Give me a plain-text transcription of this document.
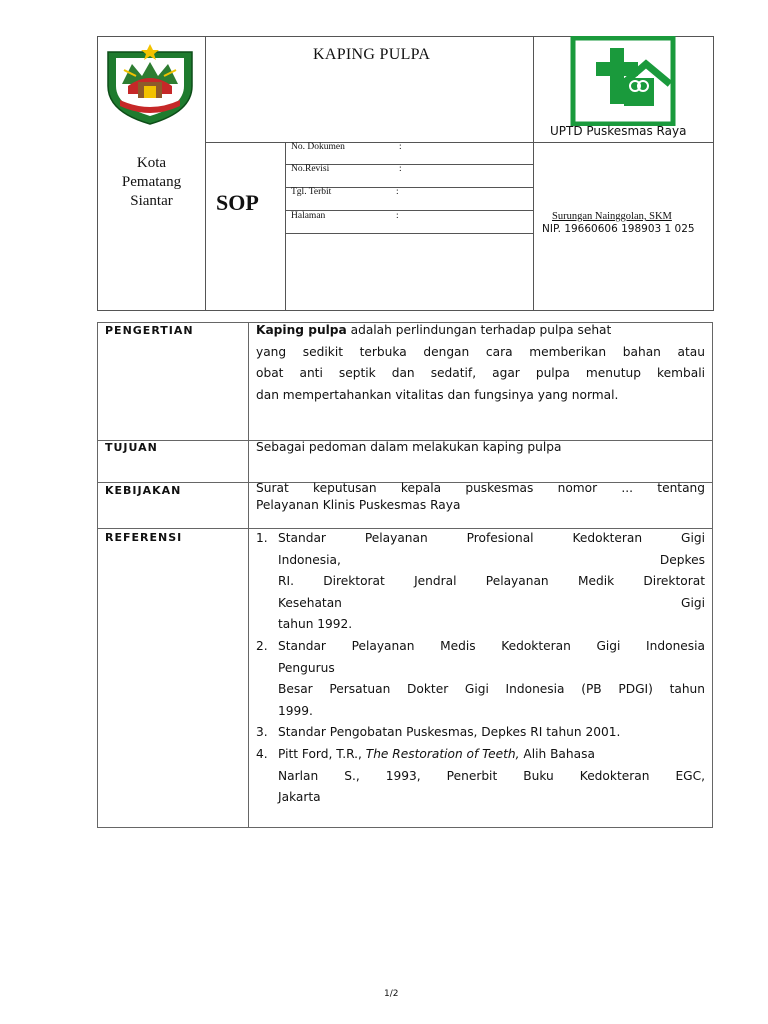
Kota
Pematang
Siantar
KAPING PULPA
SOP
No. Dokumen	:
No.Revisi	:
Tgl. Terbit	:
Halaman	:
UPTD Puskesmas Raya
Surungan Nainggolan, SKM
NIP. 19660606 198903 1 025
PENGERTIAN	Kaping pulpa adalah perlindungan terhadap pulpa sehat
yang sedikit terbuka dengan cara memberikan bahan atau
obat anti septik dan sedatif, agar pulpa menutup kembali
dan mempertahankan vitalitas dan fungsinya yang normal.
TUJUAN	Sebagai pedoman dalam melakukan kaping pulpa
KEBIJAKAN	Surat keputusan kepala puskesmas nomor ... tentang
Pelayanan Klinis Puskesmas Raya
REFERENSI	1. Standar Pelayanan Profesional Kedokteran Gigi
Indonesia, Depkes
RI. Direktorat Jendral Pelayanan Medik Direktorat
Kesehatan Gigi
tahun 1992.
2. Standar Pelayanan Medis Kedokteran Gigi Indonesia
Pengurus
Besar Persatuan Dokter Gigi Indonesia (PB PDGI) tahun
1999.
3. Standar Pengobatan Puskesmas, Depkes RI tahun 2001.
4. Pitt Ford, T.R., The Restoration of Teeth, Alih Bahasa
Narlan S., 1993, Penerbit Buku Kedokteran EGC,
Jakarta
1/2
